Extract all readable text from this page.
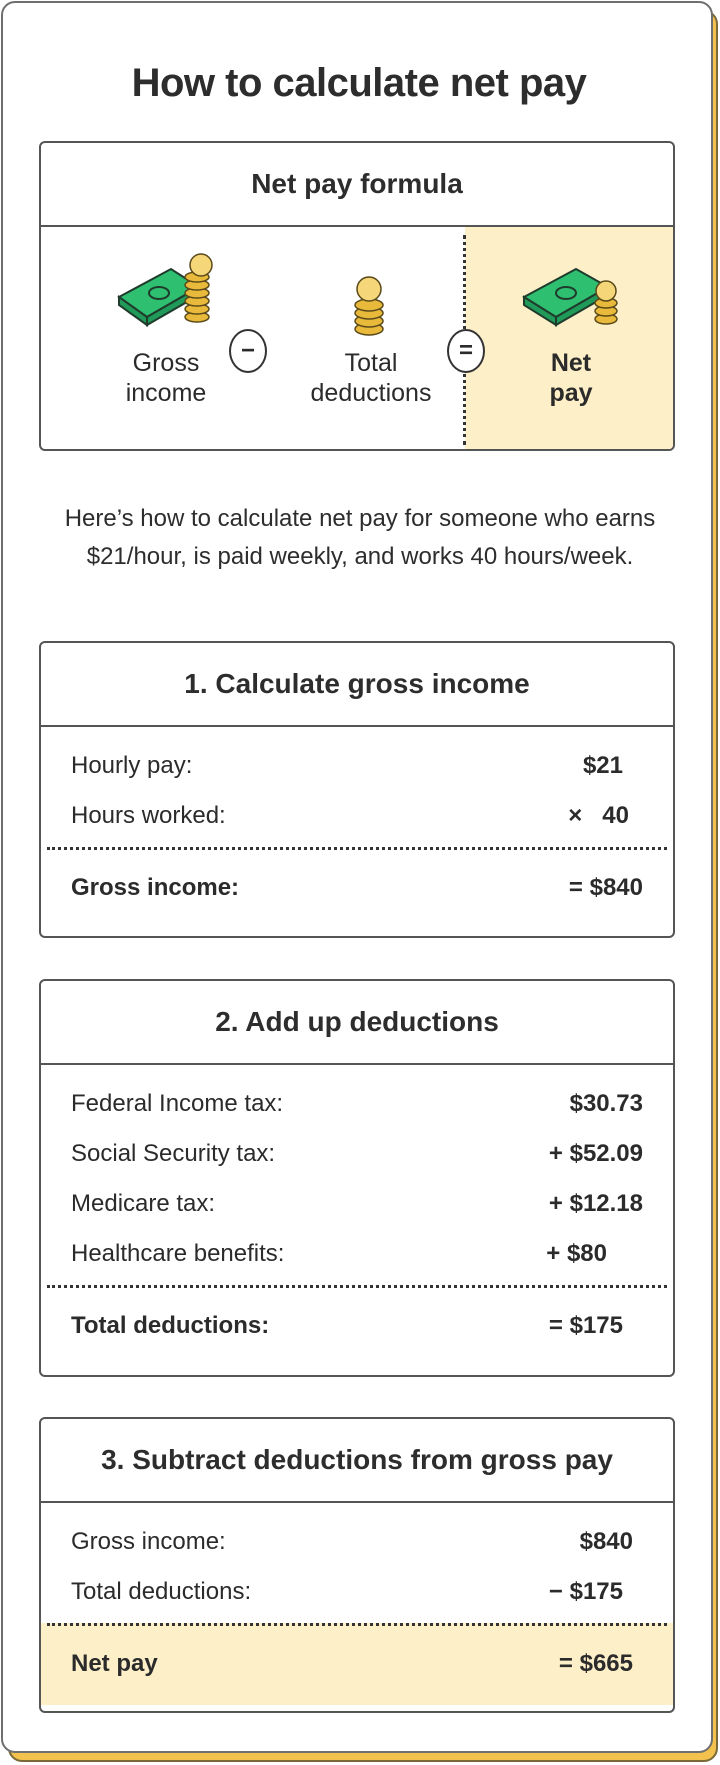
How to calculate net pay
Net pay formula
Gross
income
−	Total
deductions
=	Net
pay
Here’s how to calculate net pay for someone who earns $21/hour, is paid weekly, and works 40 hours/week.
1. Calculate gross income
Hourly pay:	$21
Hours worked:	×   40
Gross income:	= $840
2. Add up deductions
Federal Income tax:	$30.73
Social Security tax:	+ $52.09
Medicare tax:	+ $12.18
Healthcare benefits:	+ $80
Total deductions:	= $175
3. Subtract deductions from gross pay
Gross income:	$840
Total deductions:	− $175
Net pay	= $665
